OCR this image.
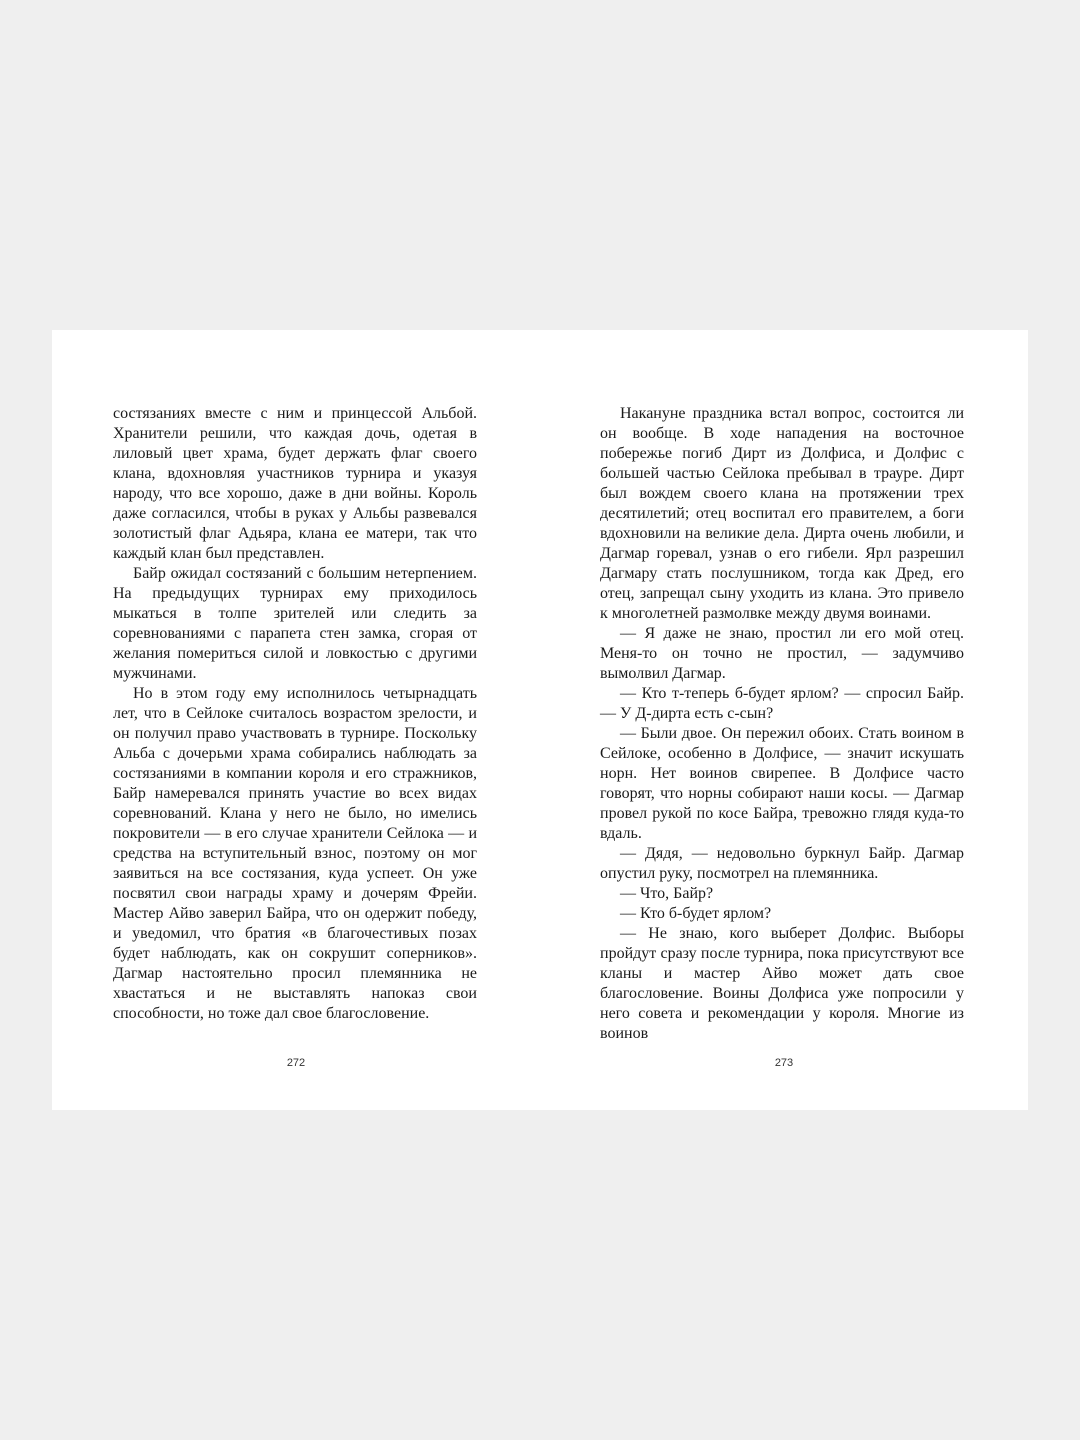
состязаниях вместе с ним и принцессой Альбой. Хранители решили, что каждая дочь, одетая в лиловый цвет храма, будет держать флаг своего клана, вдохновляя участников турнира и указуя народу, что все хорошо, даже в дни войны. Король даже согласился, чтобы в руках у Альбы развевался золотистый флаг Адьяра, клана ее матери, так что каждый клан был представлен.

Байр ожидал состязаний с большим нетерпением. На предыдущих турнирах ему приходилось мыкаться в толпе зрителей или следить за соревнованиями с парапета стен замка, сгорая от желания помериться силой и ловкостью с другими мужчинами.

Но в этом году ему исполнилось четырнадцать лет, что в Сейлоке считалось возрастом зрелости, и он получил право участвовать в турнире. Поскольку Альба с дочерьми храма собирались наблюдать за состязаниями в компании короля и его стражников, Байр намеревался принять участие во всех видах соревнований. Клана у него не было, но имелись покровители — в его случае хранители Сейлока — и средства на вступительный взнос, поэтому он мог заявиться на все состязания, куда успеет. Он уже посвятил свои награды храму и дочерям Фрейи. Мастер Айво заверил Байра, что он одержит победу, и уведомил, что братия «в благочестивых позах будет наблюдать, как он сокрушит соперников». Дагмар настоятельно просил племянника не хвастаться и не выставлять напоказ свои способности, но тоже дал свое благословение.

272

Накануне праздника встал вопрос, состоится ли он вообще. В ходе нападения на восточное побережье погиб Дирт из Долфиса, и Долфис с большей частью Сейлока пребывал в трауре. Дирт был вождем своего клана на протяжении трех десятилетий; отец воспитал его правителем, а боги вдохновили на великие дела. Дирта очень любили, и Дагмар горевал, узнав о его гибели. Ярл разрешил Дагмару стать послушником, тогда как Дред, его отец, запрещал сыну уходить из клана. Это привело к многолетней размолвке между двумя воинами.

— Я даже не знаю, простил ли его мой отец. Меня-то он точно не простил, — задумчиво вымолвил Дагмар.

— Кто т-теперь б-будет ярлом? — спросил Байр. — У Д-дирта есть с-сын?

— Были двое. Он пережил обоих. Стать воином в Сейлоке, особенно в Долфисе, — значит искушать норн. Нет воинов свирепее. В Долфисе часто говорят, что норны собирают наши косы. — Дагмар провел рукой по косе Байра, тревожно глядя куда-то вдаль.

— Дядя, — недовольно буркнул Байр. Дагмар опустил руку, посмотрел на племянника.

— Что, Байр?

— Кто б-будет ярлом?

— Не знаю, кого выберет Долфис. Выборы пройдут сразу после турнира, пока присутствуют все кланы и мастер Айво может дать свое благословение. Воины Долфиса уже попросили у него совета и рекомендации у короля. Многие из воинов

273
